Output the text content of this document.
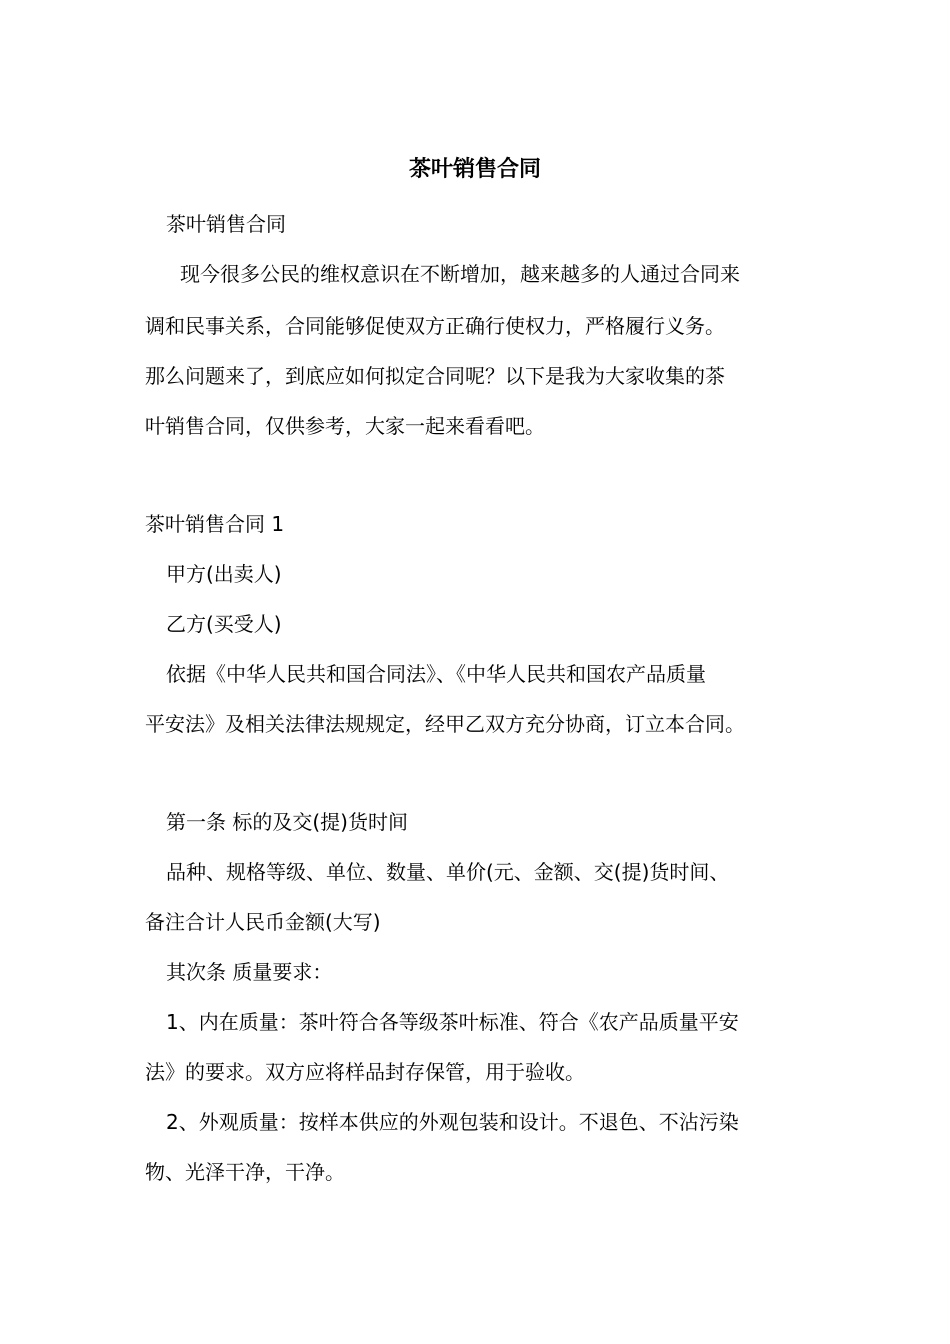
茶叶销售合同

茶叶销售合同

现今很多公民的维权意识在不断增加，越来越多的人通过合同来

调和民事关系，合同能够促使双方正确行使权力，严格履行义务。

那么问题来了，到底应如何拟定合同呢？以下是我为大家收集的茶

叶销售合同，仅供参考，大家一起来看看吧。

茶叶销售合同 1

甲方(出卖人)

乙方(买受人)

依据《中华人民共和国合同法》、《中华人民共和国农产品质量

平安法》及相关法律法规规定，经甲乙双方充分协商，订立本合同。

第一条 标的及交(提)货时间

品种、规格等级、单位、数量、单价(元、金额、交(提)货时间、

备注合计人民币金额(大写)

其次条 质量要求：

1、内在质量：茶叶符合各等级茶叶标准、符合《农产品质量平安

法》的要求。双方应将样品封存保管，用于验收。

2、外观质量：按样本供应的外观包装和设计。不退色、不沾污染

物、光泽干净，干净。
